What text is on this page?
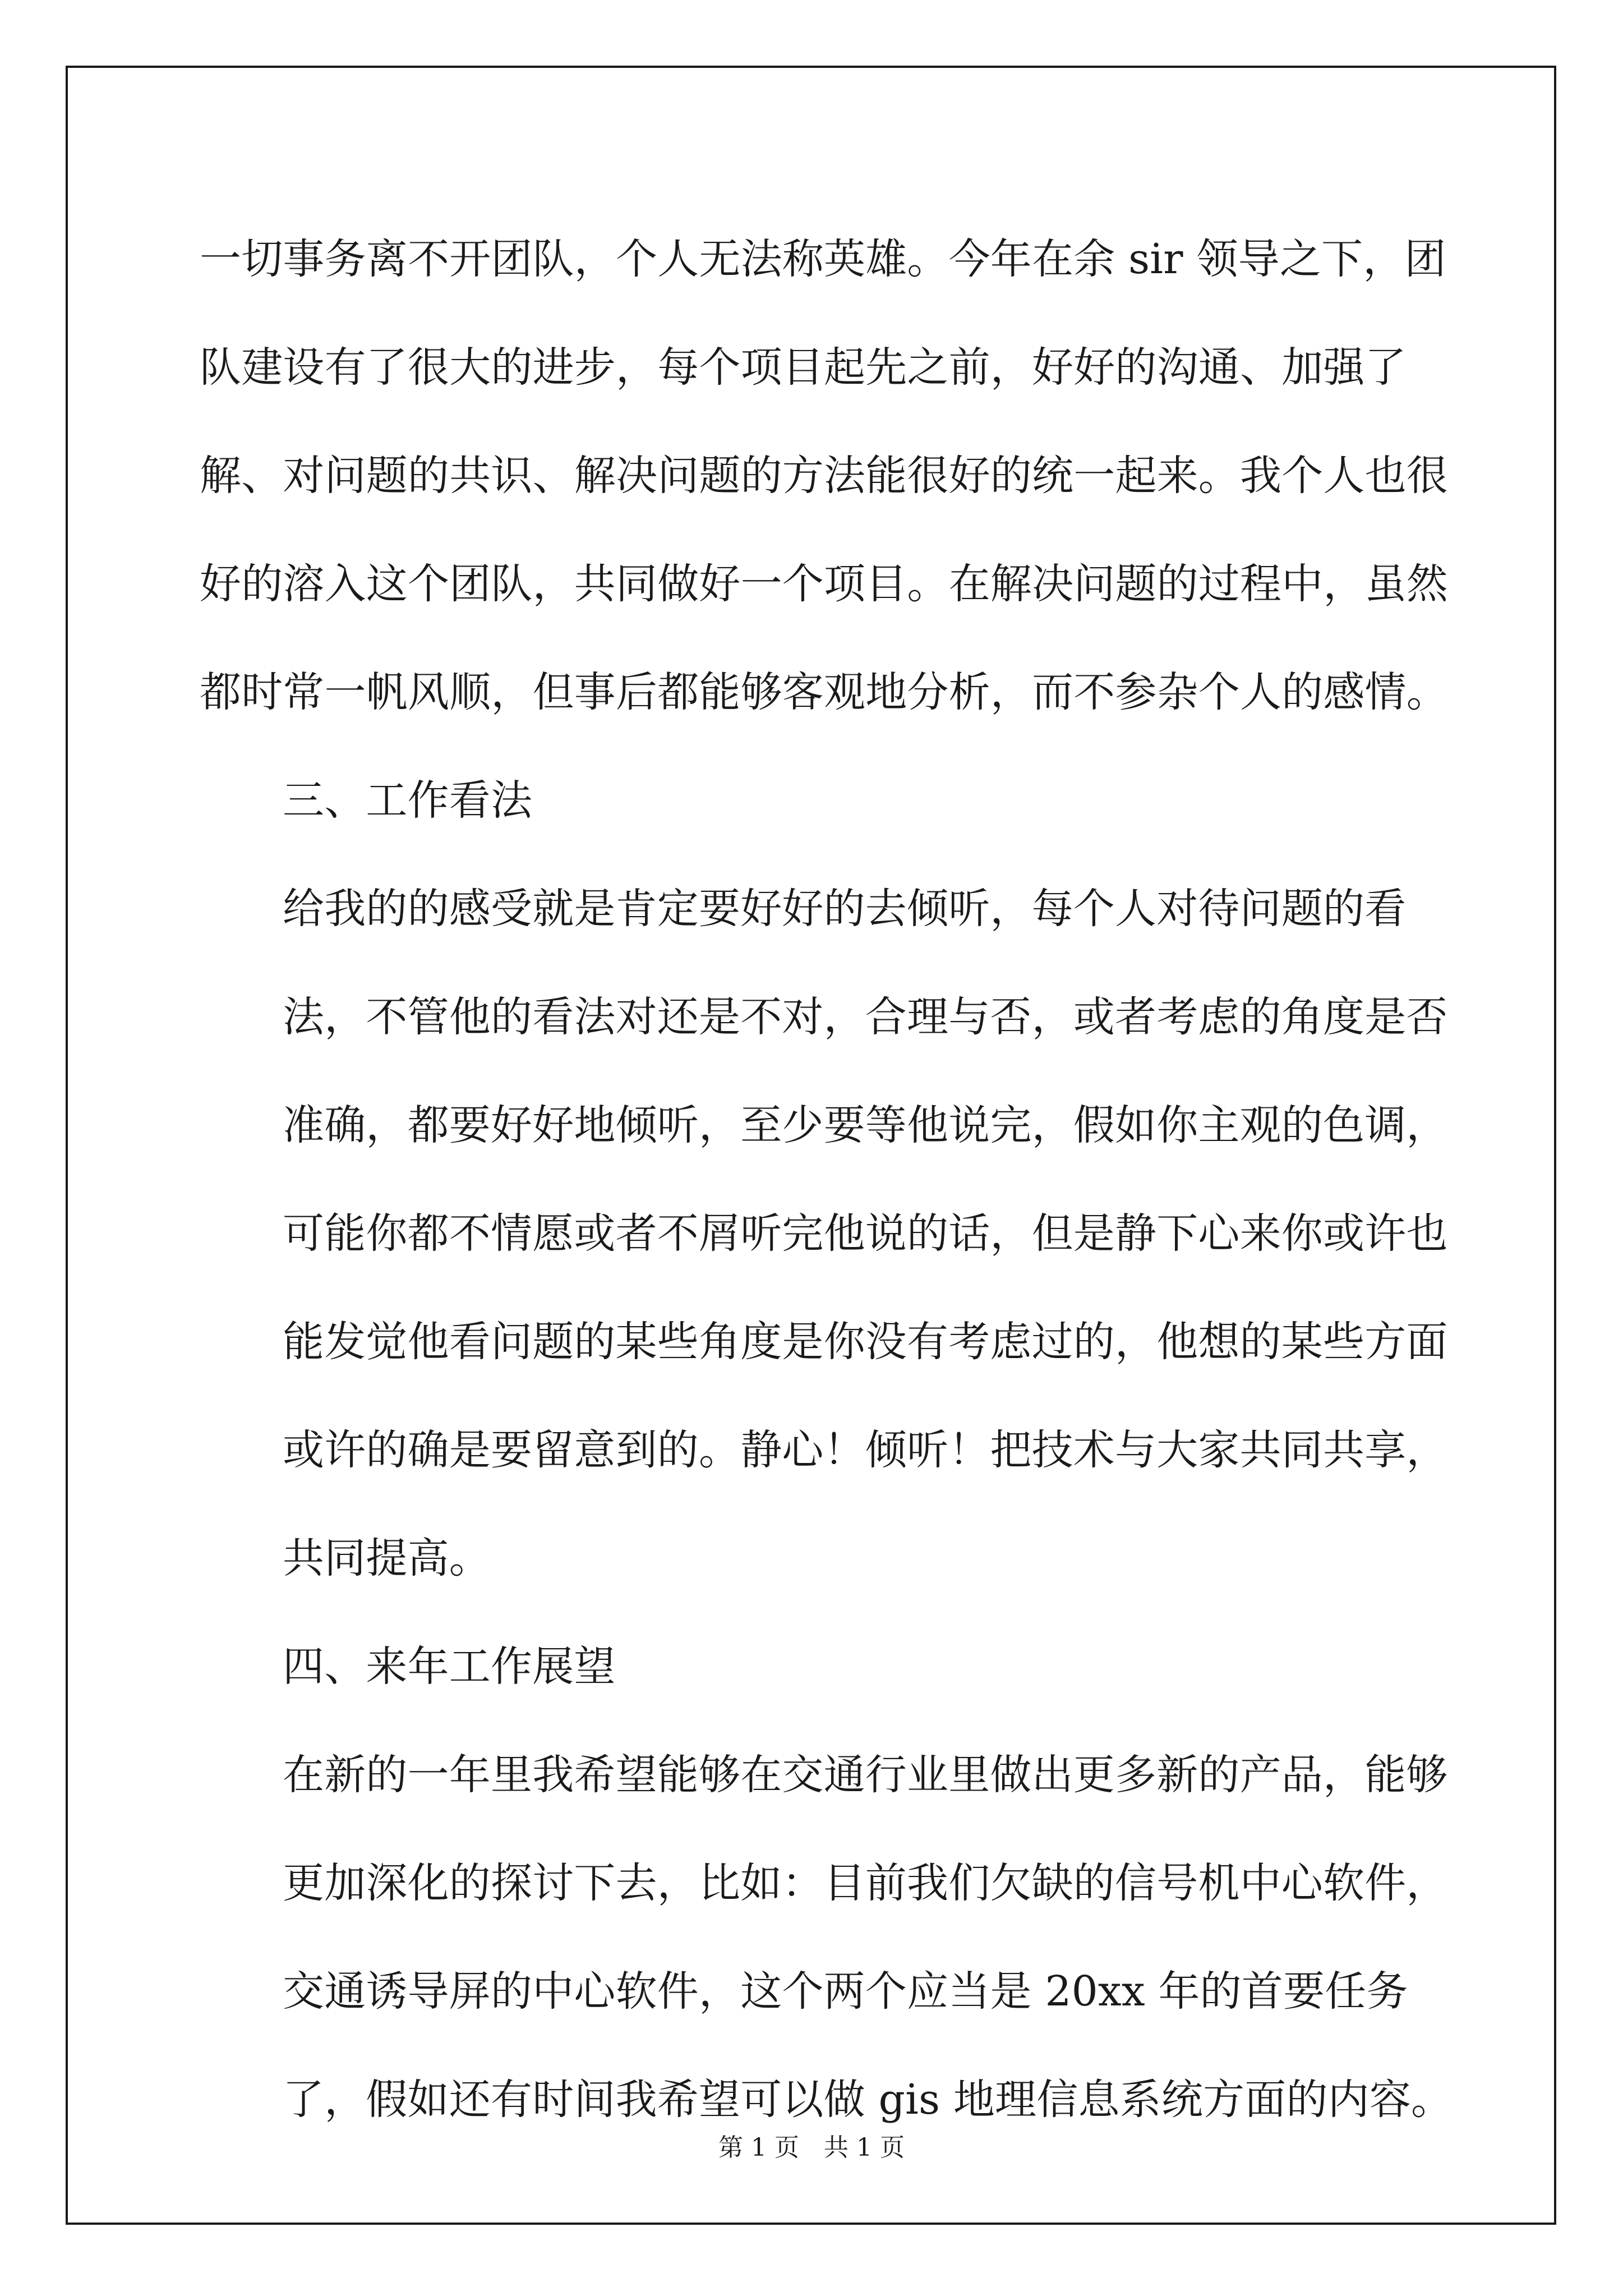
一切事务离不开团队，个人无法称英雄。今年在余 sir 领导之下，团队建设有了很大的进步，每个项目起先之前，好好的沟通、加强了解、对问题的共识、解决问题的方法能很好的统一起来。我个人也很好的溶入这个团队，共同做好一个项目。在解决问题的过程中，虽然都时常一帆风顺，但事后都能够客观地分析，而不参杂个人的感情。

三、工作看法

给我的的感受就是肯定要好好的去倾听，每个人对待问题的看法，不管他的看法对还是不对，合理与否，或者考虑的角度是否准确，都要好好地倾听，至少要等他说完，假如你主观的色调，可能你都不情愿或者不屑听完他说的话，但是静下心来你或许也能发觉他看问题的某些角度是你没有考虑过的，他想的某些方面或许的确是要留意到的。静心！倾听！把技术与大家共同共享，共同提高。

四、来年工作展望

在新的一年里我希望能够在交通行业里做出更多新的产品，能够更加深化的探讨下去，比如：目前我们欠缺的信号机中心软件，交通诱导屏的中心软件，这个两个应当是 20xx 年的首要任务了，假如还有时间我希望可以做 gis 地理信息系统方面的内容。

第 1 页 共 1 页
